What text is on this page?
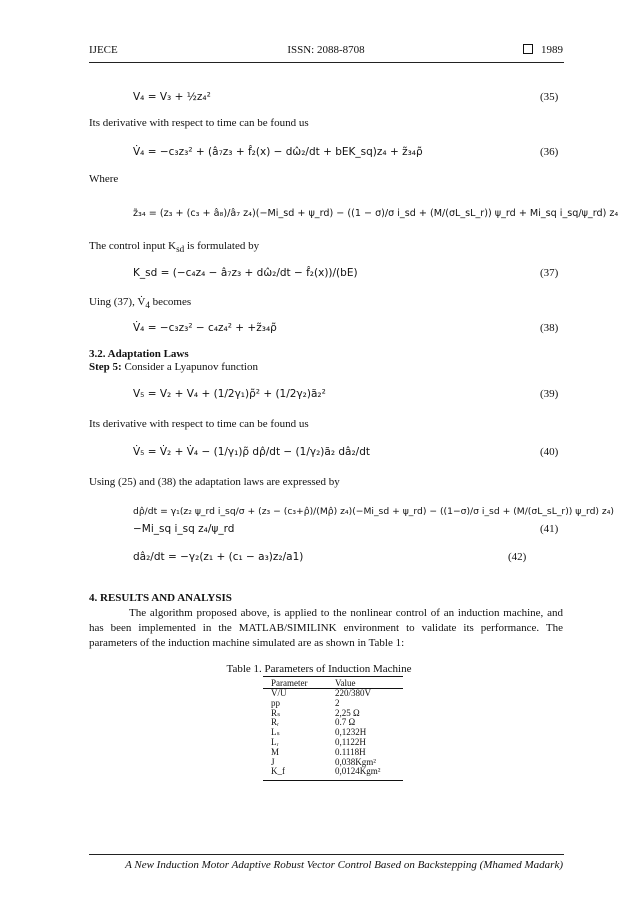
IJECE	ISSN: 2088-8708	1989
V₄ = V₃ + ½z₄²	(35)
Its derivative with respect to time can be found us
V̇₄ = −c₃z₃² + (â₇z₃ + f̂₂(x) − dω̂₂/dt + bEK_sq)z₄ + z̃₃₄ρ̃	(36)
Where
z̃₃₄ = (z₃ + (c₃ + â₈)/â₇ z₄)(−Mi_sd + ψ_rd) − ((1 − σ)/σ i_sd + (M/(σL_sL_r)) ψ_rd + Mi_sq i_sq/ψ_rd) z₄
The control input $K_{sd}$ is formulated by
K_sd = (−c₄z₄ − â₇z₃ + dω̂₂/dt − f̂₂(x))/(bE)	(37)
Uing (37), $V̇_4$ becomes
V̇₄ = −c₃z₃² − c₄z₄² + +z̃₃₄ρ̃	(38)
3.2. Adaptation Laws
Step 5: Consider a Lyapunov function
V₅ = V₂ + V₄ + (1/2γ₁)ρ̃² + (1/2γ₂)ã₂²	(39)
Its derivative with respect to time can be found us
V̇₅ = V̇₂ + V̇₄ − (1/γ₁)ρ̃ dρ̂/dt − (1/γ₂)ã₂ dâ₂/dt	(40)
Using (25) and (38) the adaptation laws are expressed by
dρ̂/dt = γ₁(z₂ ψ_rd i_sq/σ + (z₃ − (c₃+ρ̂)/(Mρ̂) z₄)(−Mi_sd + ψ_rd) − ((1−σ)/σ i_sd + (M/(σL_sL_r)) ψ_rd) z₄)
−Mi_sq i_sq z₄/ψ_rd	(41)
dâ₂/dt = −γ₂(z₁ + (c₁ − a₃)z₂/a1)	(42)
4. RESULTS AND ANALYSIS
The algorithm proposed above, is applied to the nonlinear control of an induction machine, and has been implemented in the MATLAB/SIMILINK environment to validate its performance. The parameters of the induction machine simulated are as shown in Table 1:
Table 1. Parameters of Induction Machine
Parameter	Value
V/U	220/380V
pp	2
Rₛ	2,25 Ω
Rᵣ	0.7 Ω
Lₛ	0,1232H
Lᵣ	0,1122H
M	0.1118H
J	0,038Kgm²
K_f	0,0124Kgm²
A New Induction Motor Adaptive Robust Vector Control Based on Backstepping (Mhamed Madark)
